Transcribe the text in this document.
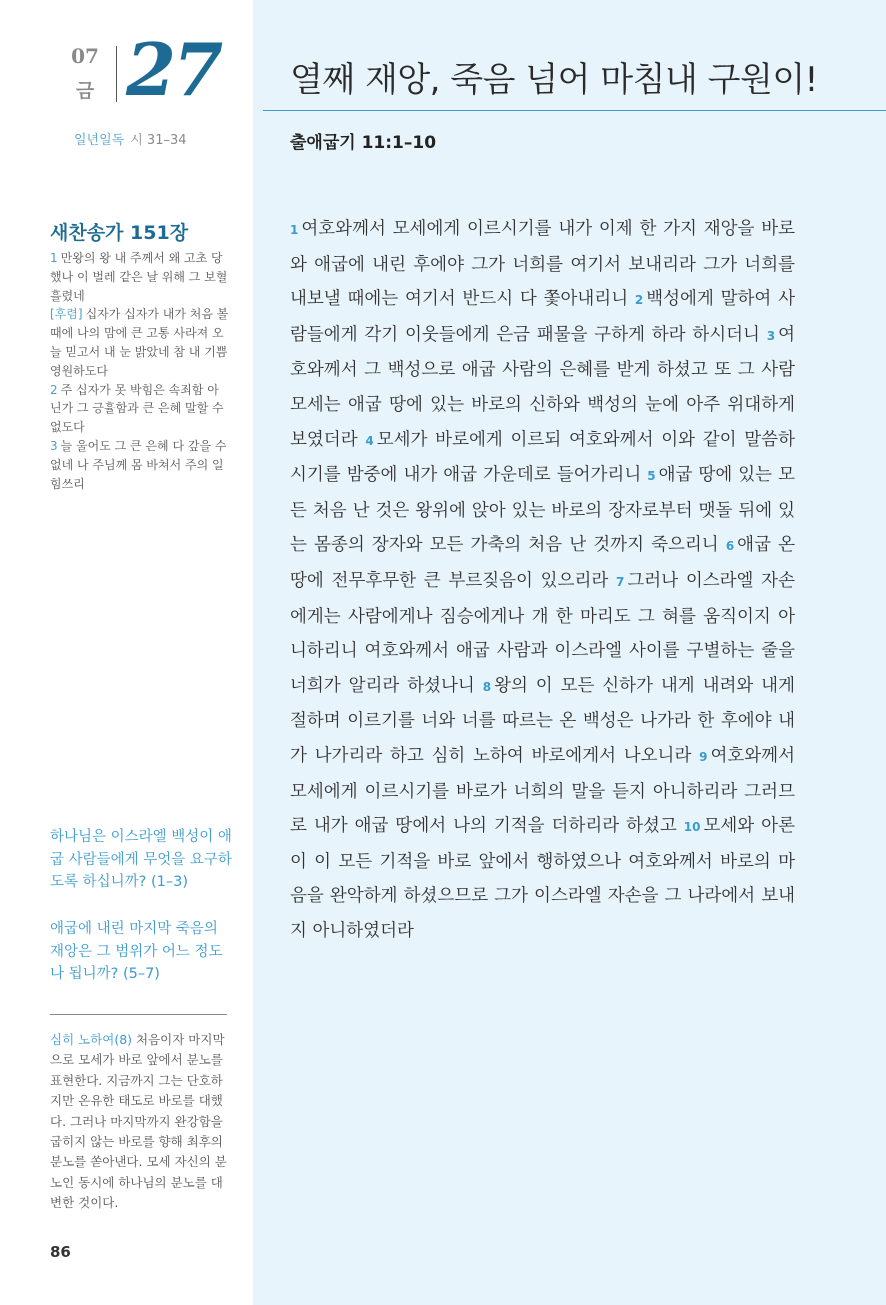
07
금 27
일년일독 시 31–34
새찬송가 151장
1 만왕의 왕 내 주께서 왜 고초 당했나 이 벌레 같은 날 위해 그 보혈 흘렸네
[후렴] 십자가 십자가 내가 처음 볼 때에 나의 맘에 큰 고통 사라져 오늘 믿고서 내 눈 밝았네 참 내 기쁨 영원하도다
2 주 십자가 못 박힘은 속죄함 아닌가 그 긍휼함과 큰 은혜 말할 수 없도다
3 늘 울어도 그 큰 은혜 다 갚을 수 없네 나 주님께 몸 바쳐서 주의 일 힘쓰리
하나님은 이스라엘 백성이 애굽 사람들에게 무엇을 요구하도록 하십니까? (1–3)
애굽에 내린 마지막 죽음의 재앙은 그 범위가 어느 정도나 됩니까? (5–7)
심히 노하여(8) 처음이자 마지막으로 모세가 바로 앞에서 분노를 표현한다. 지금까지 그는 단호하지만 온유한 태도로 바로를 대했다. 그러나 마지막까지 완강함을 굽히지 않는 바로를 향해 최후의 분노를 쏟아낸다. 모세 자신의 분노인 동시에 하나님의 분노를 대변한 것이다.
86
열째 재앙, 죽음 넘어 마침내 구원이!
출애굽기 11:1–10

1 여호와께서 모세에게 이르시기를 내가 이제 한 가지 재앙을 바로와 애굽에 내린 후에야 그가 너희를 여기서 보내리라 그가 너희를 내보낼 때에는 여기서 반드시 다 쫓아내리니 2 백성에게 말하여 사람들에게 각기 이웃들에게 은금 패물을 구하게 하라 하시더니 3 여호와께서 그 백성으로 애굽 사람의 은혜를 받게 하셨고 또 그 사람 모세는 애굽 땅에 있는 바로의 신하와 백성의 눈에 아주 위대하게 보였더라 4 모세가 바로에게 이르되 여호와께서 이와 같이 말씀하시기를 밤중에 내가 애굽 가운데로 들어가리니 5 애굽 땅에 있는 모든 처음 난 것은 왕위에 앉아 있는 바로의 장자로부터 맷돌 뒤에 있는 몸종의 장자와 모든 가축의 처음 난 것까지 죽으리니 6 애굽 온 땅에 전무후무한 큰 부르짖음이 있으리라 7 그러나 이스라엘 자손에게는 사람에게나 짐승에게나 개 한 마리도 그 혀를 움직이지 아니하리니 여호와께서 애굽 사람과 이스라엘 사이를 구별하는 줄을 너희가 알리라 하셨나니 8 왕의 이 모든 신하가 내게 내려와 내게 절하며 이르기를 너와 너를 따르는 온 백성은 나가라 한 후에야 내가 나가리라 하고 심히 노하여 바로에게서 나오니라 9 여호와께서 모세에게 이르시기를 바로가 너희의 말을 듣지 아니하리라 그러므로 내가 애굽 땅에서 나의 기적을 더하리라 하셨고 10 모세와 아론이 이 모든 기적을 바로 앞에서 행하였으나 여호와께서 바로의 마음을 완악하게 하셨으므로 그가 이스라엘 자손을 그 나라에서 보내지 아니하였더라
